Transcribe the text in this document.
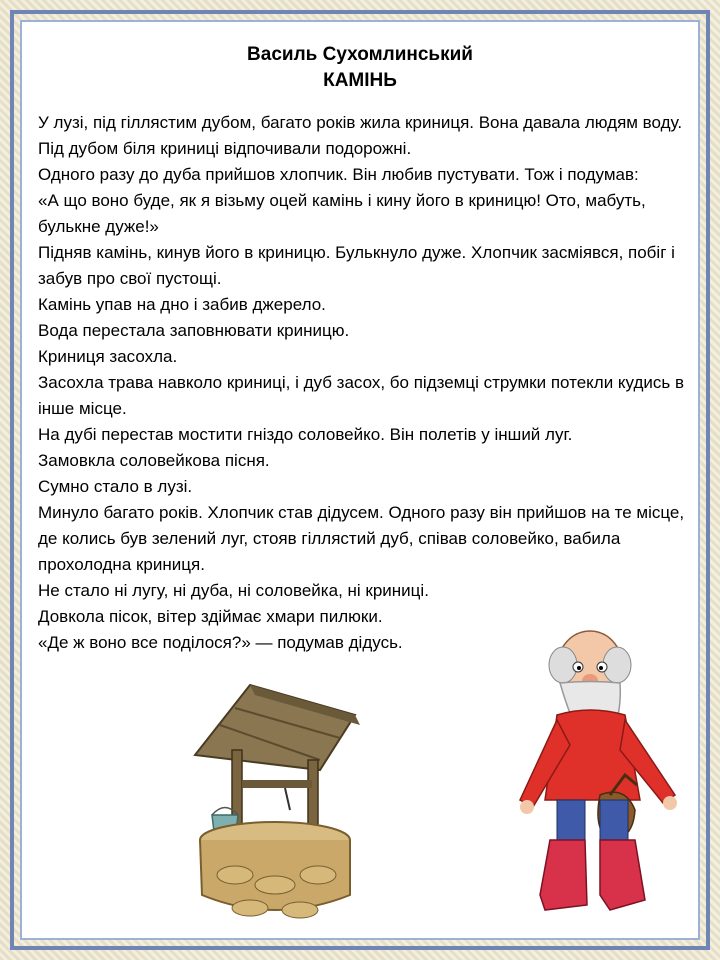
Василь Сухомлинський
КАМІНЬ

У лузі, під гіллястим дубом, багато років жила криниця. Вона давала людям воду. Під дубом біля криниці відпочивали подорожні.

Одного разу до дуба прийшов хлопчик. Він любив пустувати. Тож і подумав:

«А що воно буде, як я візьму оцей камінь і кину його в криницю! Ото, мабуть, булькне дуже!»

Підняв камінь, кинув його в криницю. Булькнуло дуже. Хлопчик засміявся, побіг і забув про свої пустощі.

Камінь упав на дно і забив джерело.

Вода перестала заповнювати криницю.

Криниця засохла.

Засохла трава навколо криниці, і дуб засох, бо підземці струмки потекли кудись в інше місце.

На дубі перестав мостити гніздо соловейко. Він полетів у інший луг.

Замовкла соловейкова пісня.

Сумно стало в лузі.

Минуло багато років. Хлопчик став дідусем. Одного разу він прийшов на те місце, де колись був зелений луг, стояв гіллястий дуб, співав соловейко, вабила прохолодна криниця.

Не стало ні лугу, ні дуба, ні соловейка, ні криниці.

Довкола пісок, вітер здіймає хмари пилюки.

«Де ж воно все поділося?» — подумав дідусь.
